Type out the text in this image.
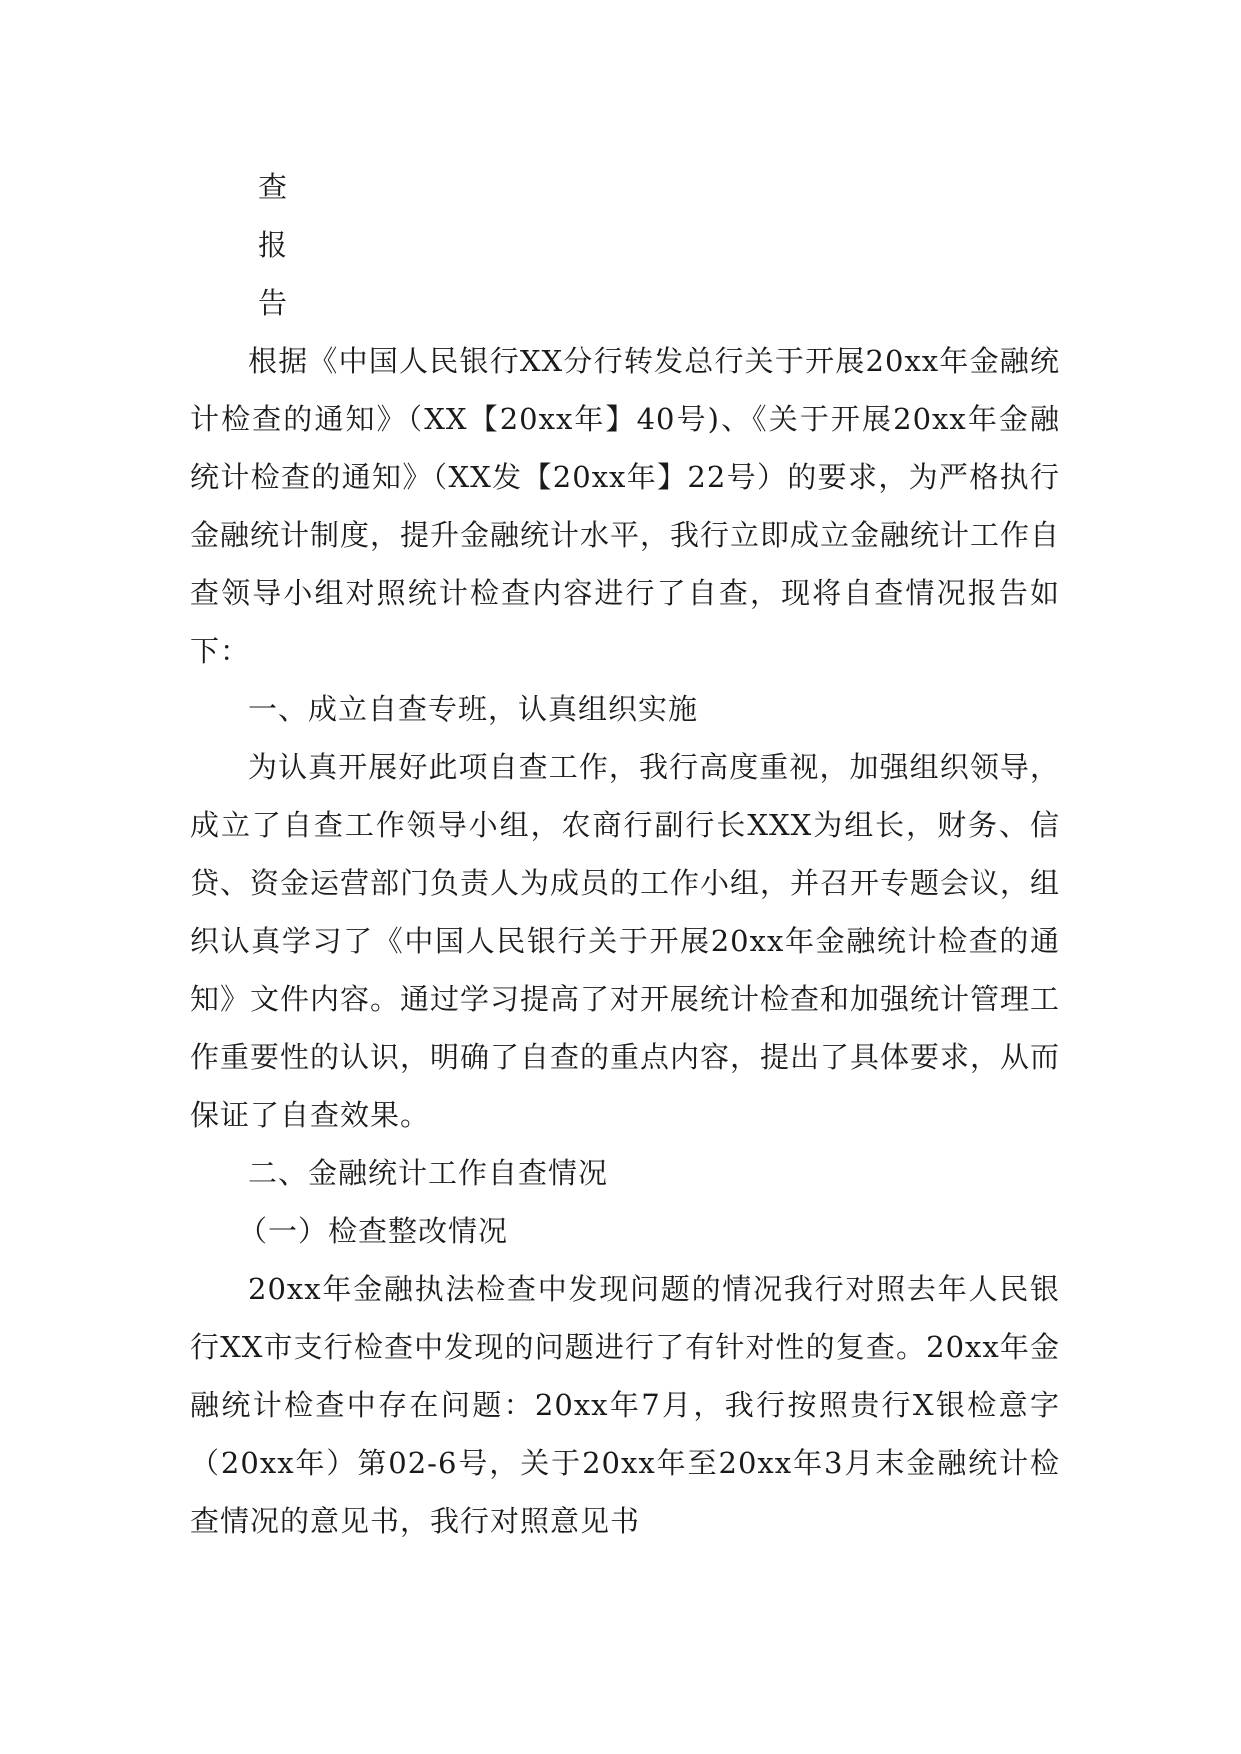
查
报
告

根据《中国人民银行XX分行转发总行关于开展20xx年金融统计检查的通知》（XX【20xx年】40号)、《关于开展20xx年金融统计检查的通知》（XX发【20xx年】22号）的要求，为严格执行金融统计制度，提升金融统计水平，我行立即成立金融统计工作自查领导小组对照统计检查内容进行了自查，现将自查情况报告如下：

一、成立自查专班，认真组织实施

为认真开展好此项自查工作，我行高度重视，加强组织领导，成立了自查工作领导小组，农商行副行长XXX为组长，财务、信贷、资金运营部门负责人为成员的工作小组，并召开专题会议，组织认真学习了《中国人民银行关于开展20xx年金融统计检查的通知》文件内容。通过学习提高了对开展统计检查和加强统计管理工作重要性的认识，明确了自查的重点内容，提出了具体要求，从而保证了自查效果。

二、金融统计工作自查情况

（一）检查整改情况

20xx年金融执法检查中发现问题的情况我行对照去年人民银行XX市支行检查中发现的问题进行了有针对性的复查。20xx年金融统计检查中存在问题：20xx年7月，我行按照贵行X银检意字（20xx年）第02-6号，关于20xx年至20xx年3月末金融统计检查情况的意见书，我行对照意见书
